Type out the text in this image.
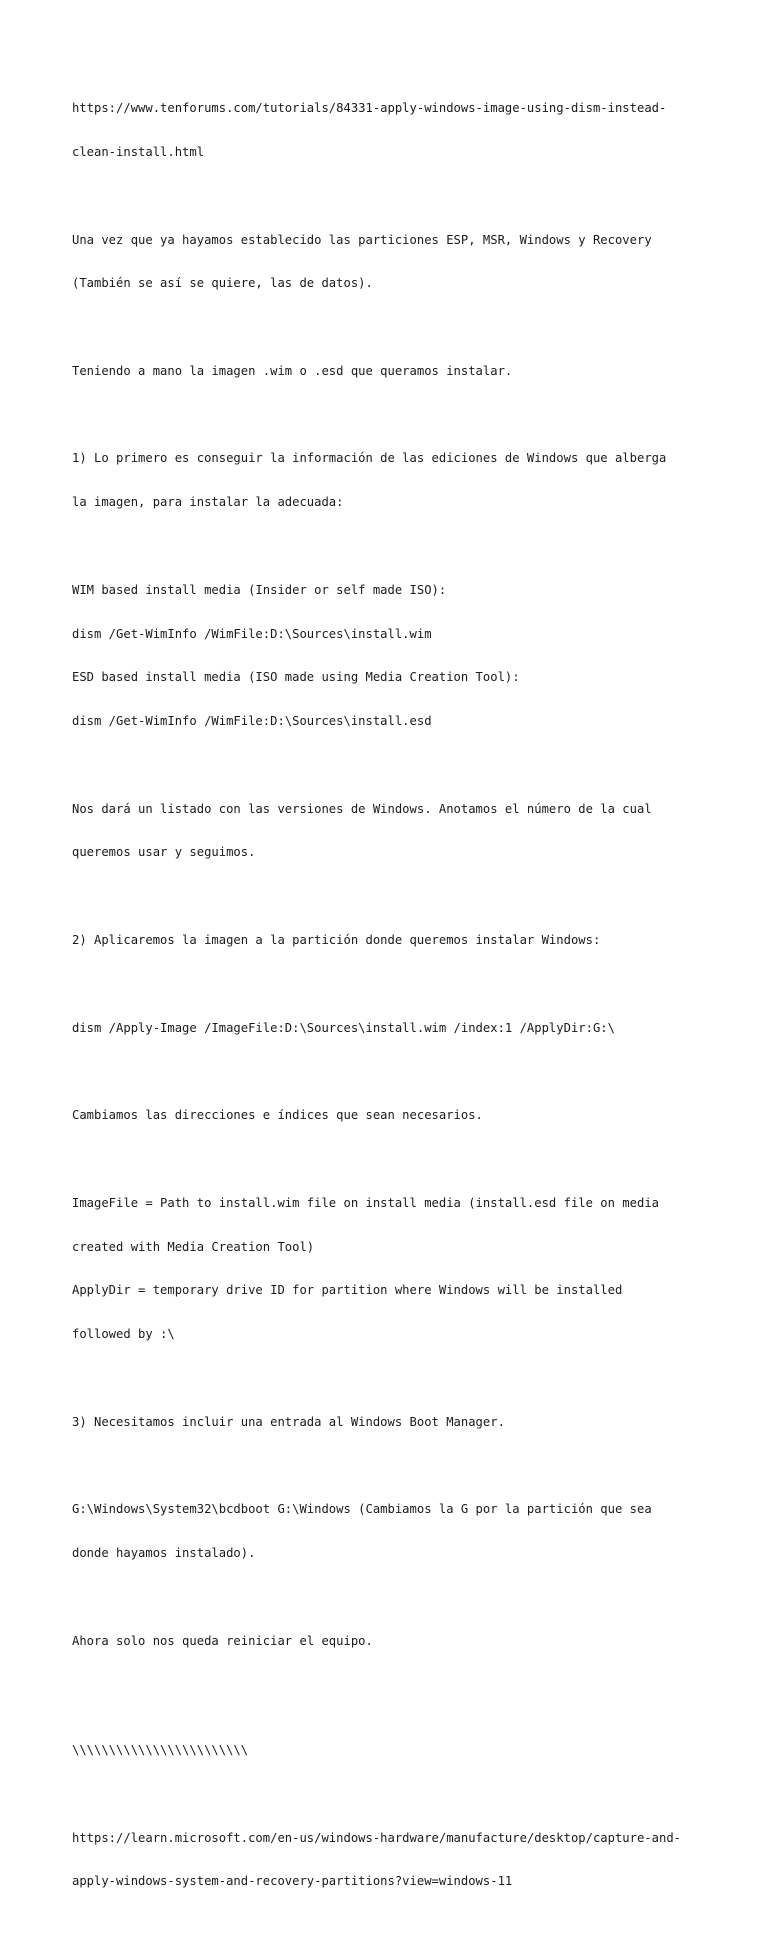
https://www.tenforums.com/tutorials/84331-apply-windows-image-using-dism-instead-

clean-install.html

Una vez que ya hayamos establecido las particiones ESP, MSR, Windows y Recovery

(También se así se quiere, las de datos).

Teniendo a mano la imagen .wim o .esd que queramos instalar.

1) Lo primero es conseguir la información de las ediciones de Windows que alberga

la imagen, para instalar la adecuada:

WIM based install media (Insider or self made ISO):

dism /Get-WimInfo /WimFile:D:\Sources\install.wim

ESD based install media (ISO made using Media Creation Tool):

dism /Get-WimInfo /WimFile:D:\Sources\install.esd

Nos dará un listado con las versiones de Windows. Anotamos el número de la cual

queremos usar y seguimos.

2) Aplicaremos la imagen a la partición donde queremos instalar Windows:

dism /Apply-Image /ImageFile:D:\Sources\install.wim /index:1 /ApplyDir:G:\

Cambiamos las direcciones e índices que sean necesarios.

ImageFile = Path to install.wim file on install media (install.esd file on media

created with Media Creation Tool)

ApplyDir = temporary drive ID for partition where Windows will be installed

followed by :\

3) Necesitamos incluir una entrada al Windows Boot Manager.

G:\Windows\System32\bcdboot G:\Windows (Cambiamos la G por la partición que sea

donde hayamos instalado).

Ahora solo nos queda reiniciar el equipo.

\\\\\\\\\\\\\\\\\\\\\\\\

https://learn.microsoft.com/en-us/windows-hardware/manufacture/desktop/capture-and-

apply-windows-system-and-recovery-partitions?view=windows-11
